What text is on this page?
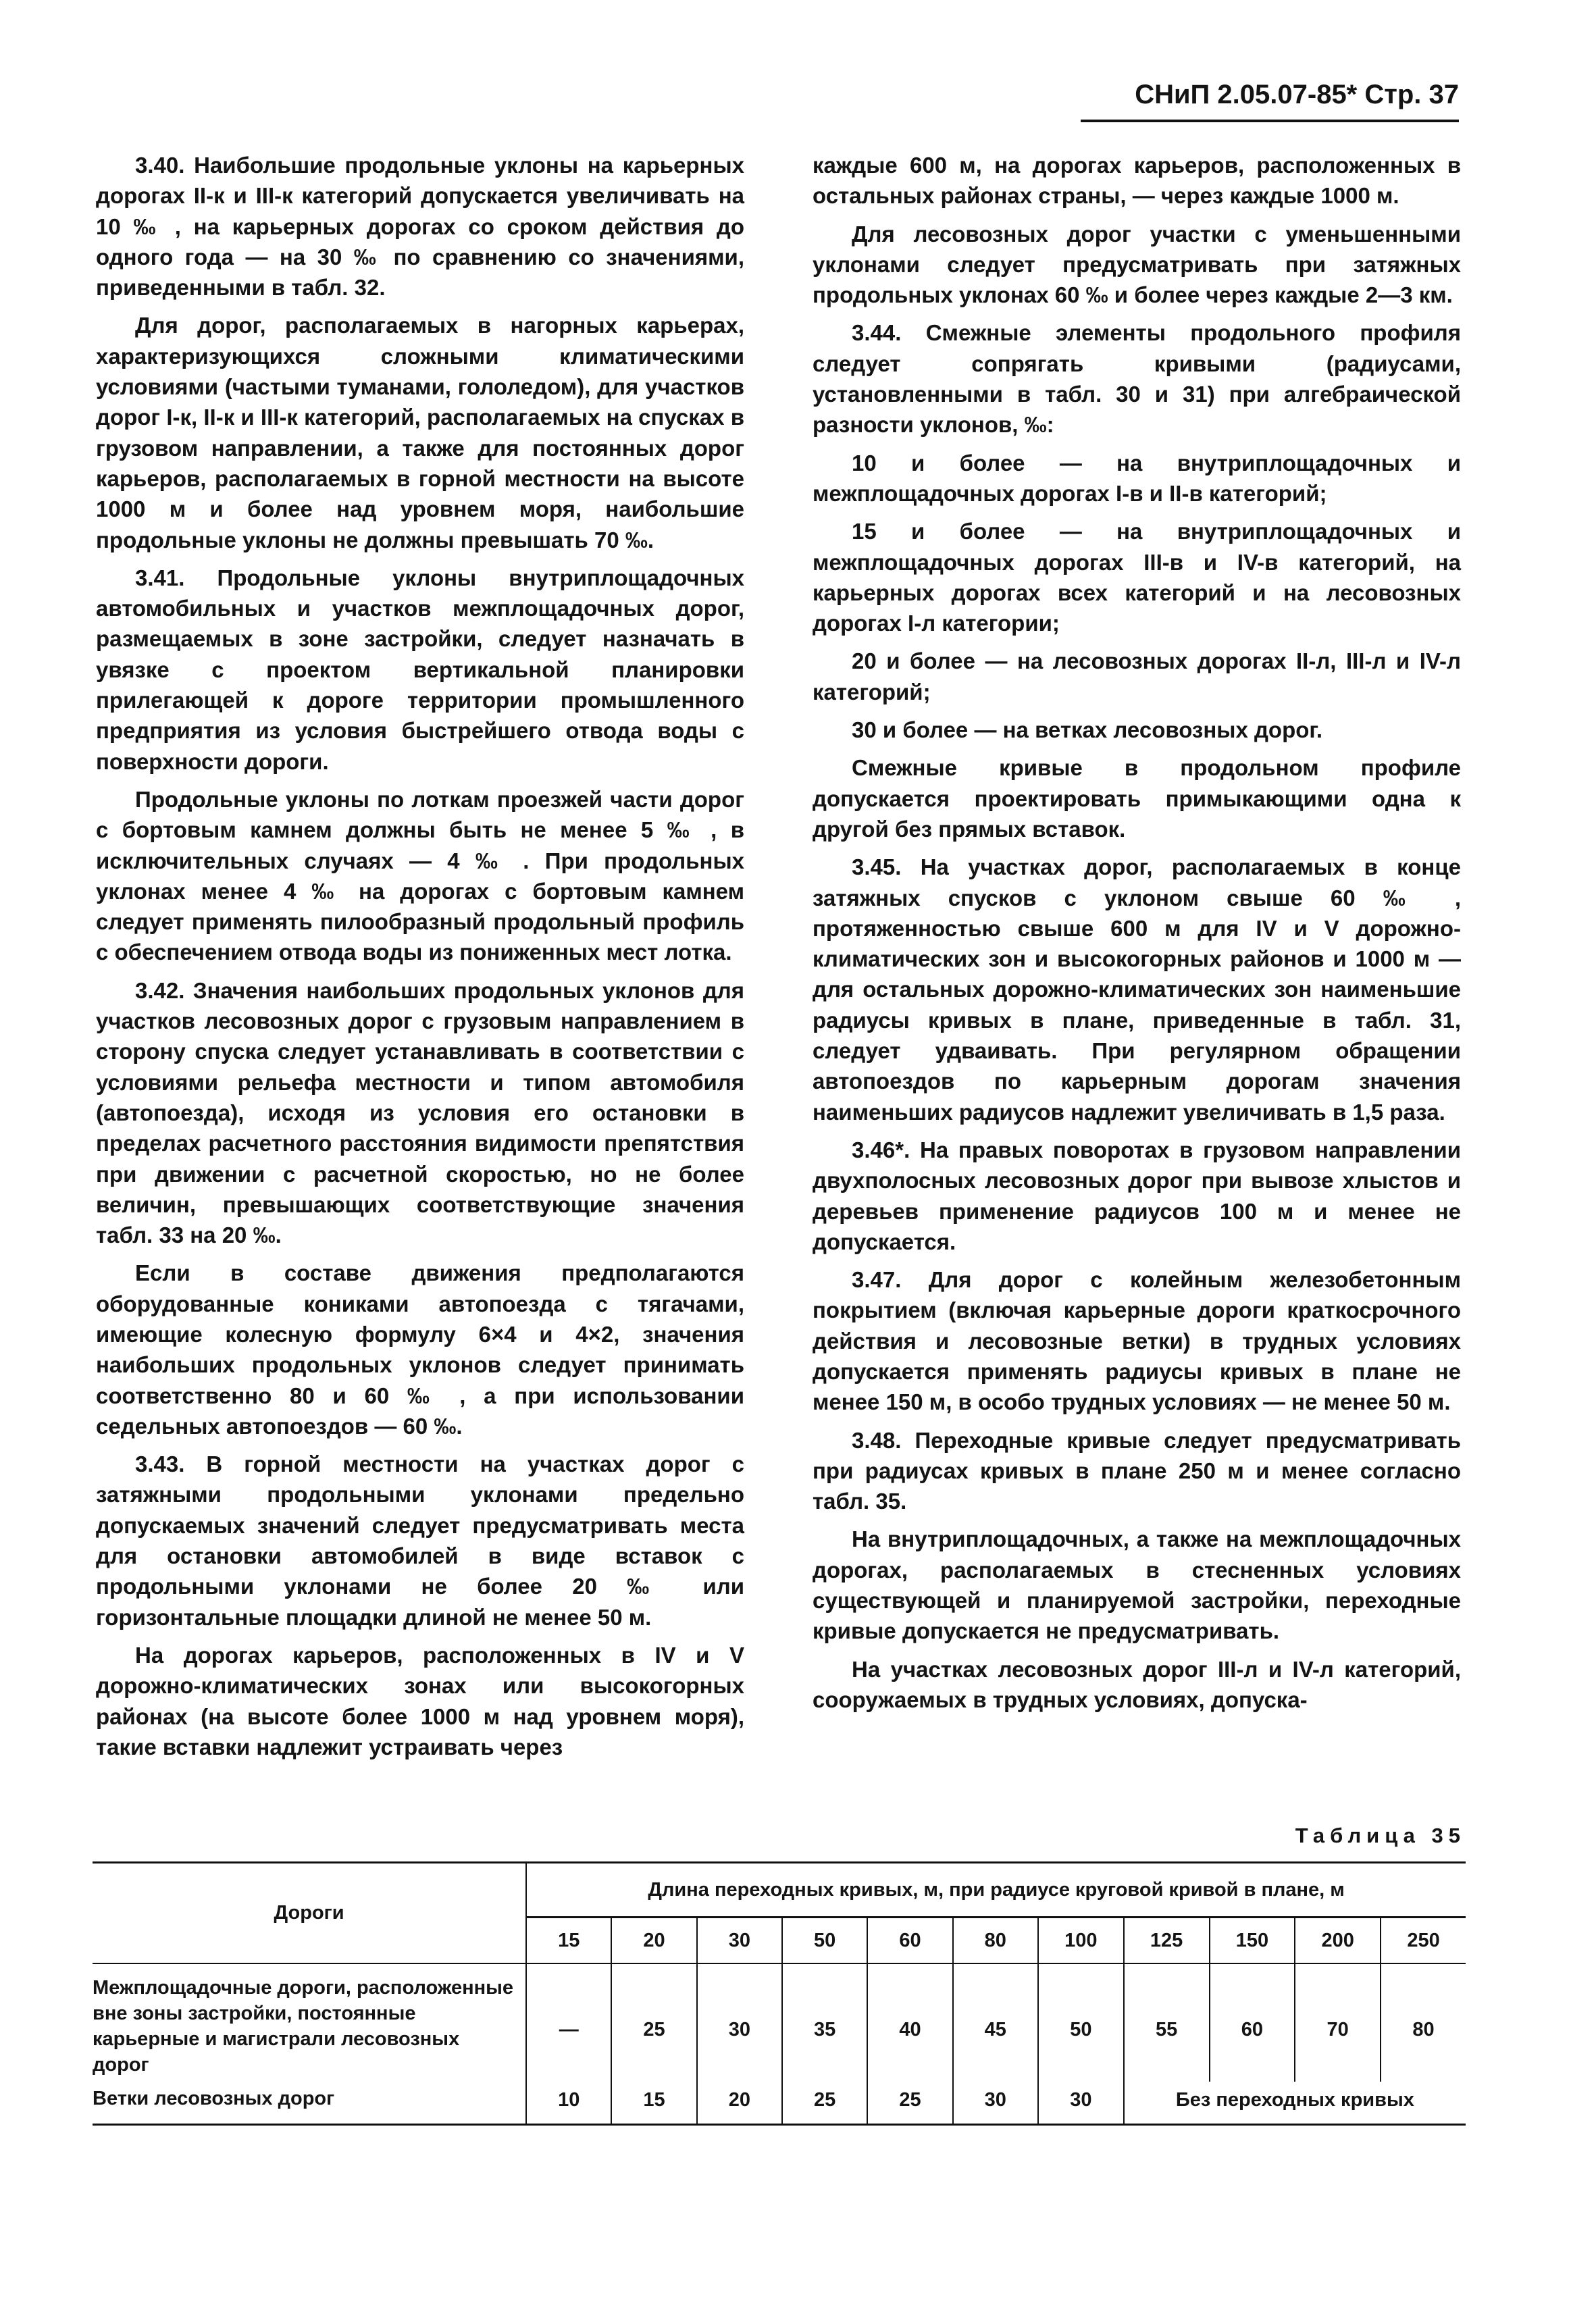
СНиП 2.05.07-85* Стр. 37

3.40. Наибольшие продольные уклоны на карьерных дорогах II-к и III-к категорий допускается увеличивать на 10 ‰ , на карьерных дорогах со сроком действия до одного года — на 30 ‰ по сравнению со значениями, приведенными в табл. 32.

Для дорог, располагаемых в нагорных карьерах, характеризующихся сложными климатическими условиями (частыми туманами, гололедом), для участков дорог I-к, II-к и III-к категорий, располагаемых на спусках в грузовом направлении, а также для постоянных дорог карьеров, располагаемых в горной местности на высоте 1000 м и более над уровнем моря, наибольшие продольные уклоны не должны превышать 70 ‰.

3.41. Продольные уклоны внутриплощадочных автомобильных и участков межплощадочных дорог, размещаемых в зоне застройки, следует назначать в увязке с проектом вертикальной планировки прилегающей к дороге территории промышленного предприятия из условия быстрейшего отвода воды с поверхности дороги.

Продольные уклоны по лоткам проезжей части дорог с бортовым камнем должны быть не менее 5 ‰ , в исключительных случаях — 4 ‰ . При продольных уклонах менее 4 ‰ на дорогах с бортовым камнем следует применять пилообразный продольный профиль с обеспечением отвода воды из пониженных мест лотка.

3.42. Значения наибольших продольных уклонов для участков лесовозных дорог с грузовым направлением в сторону спуска следует устанавливать в соответствии с условиями рельефа местности и типом автомобиля (автопоезда), исходя из условия его остановки в пределах расчетного расстояния видимости препятствия при движении с расчетной скоростью, но не более величин, превышающих соответствующие значения табл. 33 на 20 ‰.

Если в составе движения предполагаются оборудованные кониками автопоезда с тягачами, имеющие колесную формулу 6×4 и 4×2, значения наибольших продольных уклонов следует принимать соответственно 80 и 60 ‰ , а при использовании седельных автопоездов — 60 ‰.

3.43. В горной местности на участках дорог с затяжными продольными уклонами предельно допускаемых значений следует предусматривать места для остановки автомобилей в виде вставок с продольными уклонами не более 20 ‰ или горизонтальные площадки длиной не менее 50 м.

На дорогах карьеров, расположенных в IV и V дорожно-климатических зонах или высокогорных районах (на высоте более 1000 м над уровнем моря), такие вставки надлежит устраивать через

каждые 600 м, на дорогах карьеров, расположенных в остальных районах страны, — через каждые 1000 м.

Для лесовозных дорог участки с уменьшенными уклонами следует предусматривать при затяжных продольных уклонах 60 ‰ и более через каждые 2—3 км.

3.44. Смежные элементы продольного профиля следует сопрягать кривыми (радиусами, установленными в табл. 30 и 31) при алгебраической разности уклонов, ‰:

10 и более — на внутриплощадочных и межплощадочных дорогах I-в и II-в категорий;

15 и более — на внутриплощадочных и межплощадочных дорогах III-в и IV-в категорий, на карьерных дорогах всех категорий и на лесовозных дорогах I-л категории;

20 и более — на лесовозных дорогах II-л, III-л и IV-л категорий;

30 и более — на ветках лесовозных дорог.

Смежные кривые в продольном профиле допускается проектировать примыкающими одна к другой без прямых вставок.

3.45. На участках дорог, располагаемых в конце затяжных спусков с уклоном свыше 60 ‰ , протяженностью свыше 600 м для IV и V дорожно-климатических зон и высокогорных районов и 1000 м — для остальных дорожно-климатических зон наименьшие радиусы кривых в плане, приведенные в табл. 31, следует удваивать. При регулярном обращении автопоездов по карьерным дорогам значения наименьших радиусов надлежит увеличивать в 1,5 раза.

3.46*. На правых поворотах в грузовом направлении двухполосных лесовозных дорог при вывозе хлыстов и деревьев применение радиусов 100 м и менее не допускается.

3.47. Для дорог с колейным железобетонным покрытием (включая карьерные дороги краткосрочного действия и лесовозные ветки) в трудных условиях допускается применять радиусы кривых в плане не менее 150 м, в особо трудных условиях — не менее 50 м.

3.48. Переходные кривые следует предусматривать при радиусах кривых в плане 250 м и менее согласно табл. 35.

На внутриплощадочных, а также на межплощадочных дорогах, располагаемых в стесненных условиях существующей и планируемой застройки, переходные кривые допускается не предусматривать.

На участках лесовозных дорог III-л и IV-л категорий, сооружаемых в трудных условиях, допуска-

Таблица 35
Дороги	Длина переходных кривых, м, при радиусе круговой кривой в плане, м										
	15	20	30	50	60	80	100	125	150	200	250
Межплощадочные дороги, расположенные вне зоны застройки, постоянные карьерные и магистрали лесовозных дорог	—	25	30	35	40	45	50	55	60	70	80
Ветки лесовозных дорог	10	15	20	25	25	30	30	Без переходных кривых			
